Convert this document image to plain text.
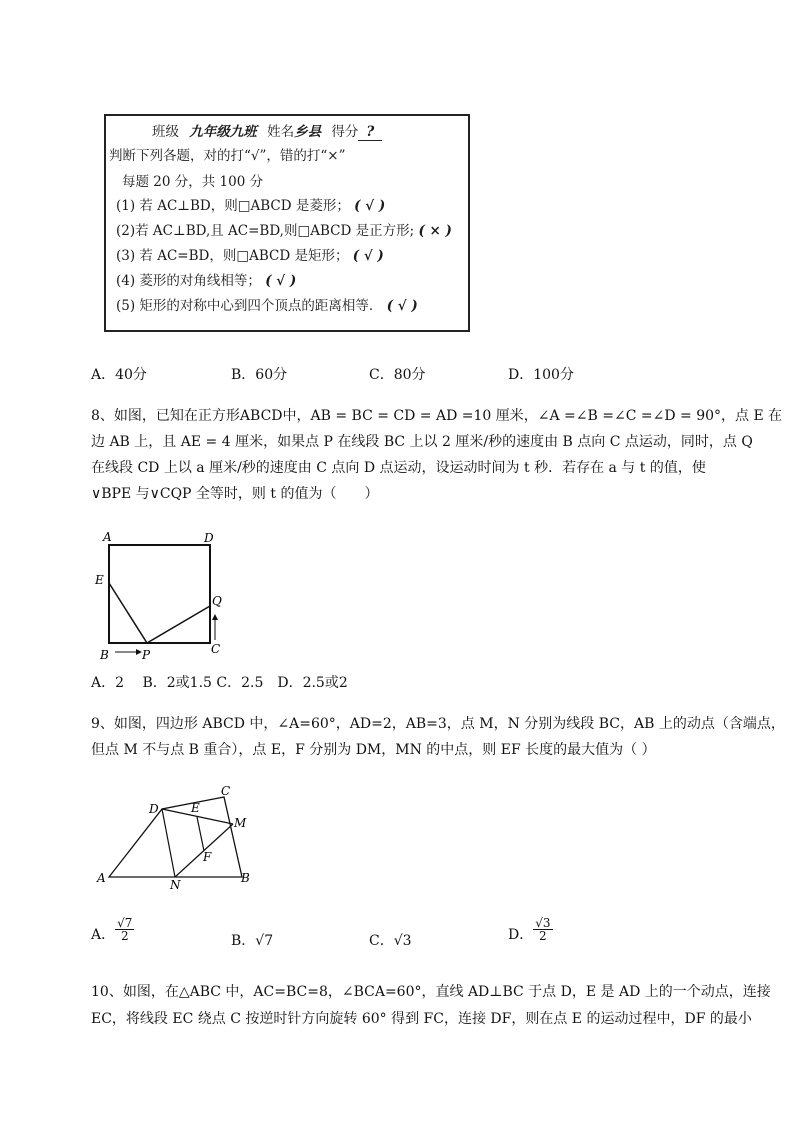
班级 九年级九班 姓名乡县 得分 ?
判断下列各题，对的打“√”，错的打“×”
每题 20 分，共 100 分
(1) 若 AC⊥BD，则□ABCD 是菱形； ( √ )
(2)若 AC⊥BD,且 AC=BD,则□ABCD 是正方形; ( × )
(3) 若 AC=BD，则□ABCD 是矩形； ( √ )
(4) 菱形的对角线相等； ( √ )
(5) 矩形的对称中心到四个顶点的距离相等． ( √ )
A．40分	B．60分	C．80分	D．100分
8、如图，已知在正方形ABCD中，AB = BC = CD = AD =10 厘米，∠A =∠B =∠C =∠D = 90°，点 E 在
边 AB 上，且 AE = 4 厘米，如果点 P 在线段 BC 上以 2 厘米/秒的速度由 B 点向 C 点运动，同时，点 Q
在线段 CD 上以 a 厘米/秒的速度由 C 点向 D 点运动，设运动时间为 t 秒．若存在 a 与 t 的值，使
∨BPE 与∨CQP 全等时，则 t 的值为（　　）
A	D
E
Q
B	P	C
A．2　 B．2或1.5 C．2.5　D．2.5或2
9、如图，四边形 ABCD 中，∠A=60°，AD=2，AB=3，点 M，N 分别为线段 BC，AB 上的动点（含端点，
但点 M 不与点 B 重合），点 E，F 分别为 DM，MN 的中点，则 EF 长度的最大值为（ ）
C
D	E
M
F
A	N	B
A． $\frac{√7}{2}$	B．√7	C．√3	D． $\frac{√3}{2}$
10、如图，在△ABC 中，AC=BC=8，∠BCA=60°，直线 AD⊥BC 于点 D，E 是 AD 上的一个动点，连接
EC，将线段 EC 绕点 C 按逆时针方向旋转 60° 得到 FC，连接 DF，则在点 E 的运动过程中，DF 的最小
